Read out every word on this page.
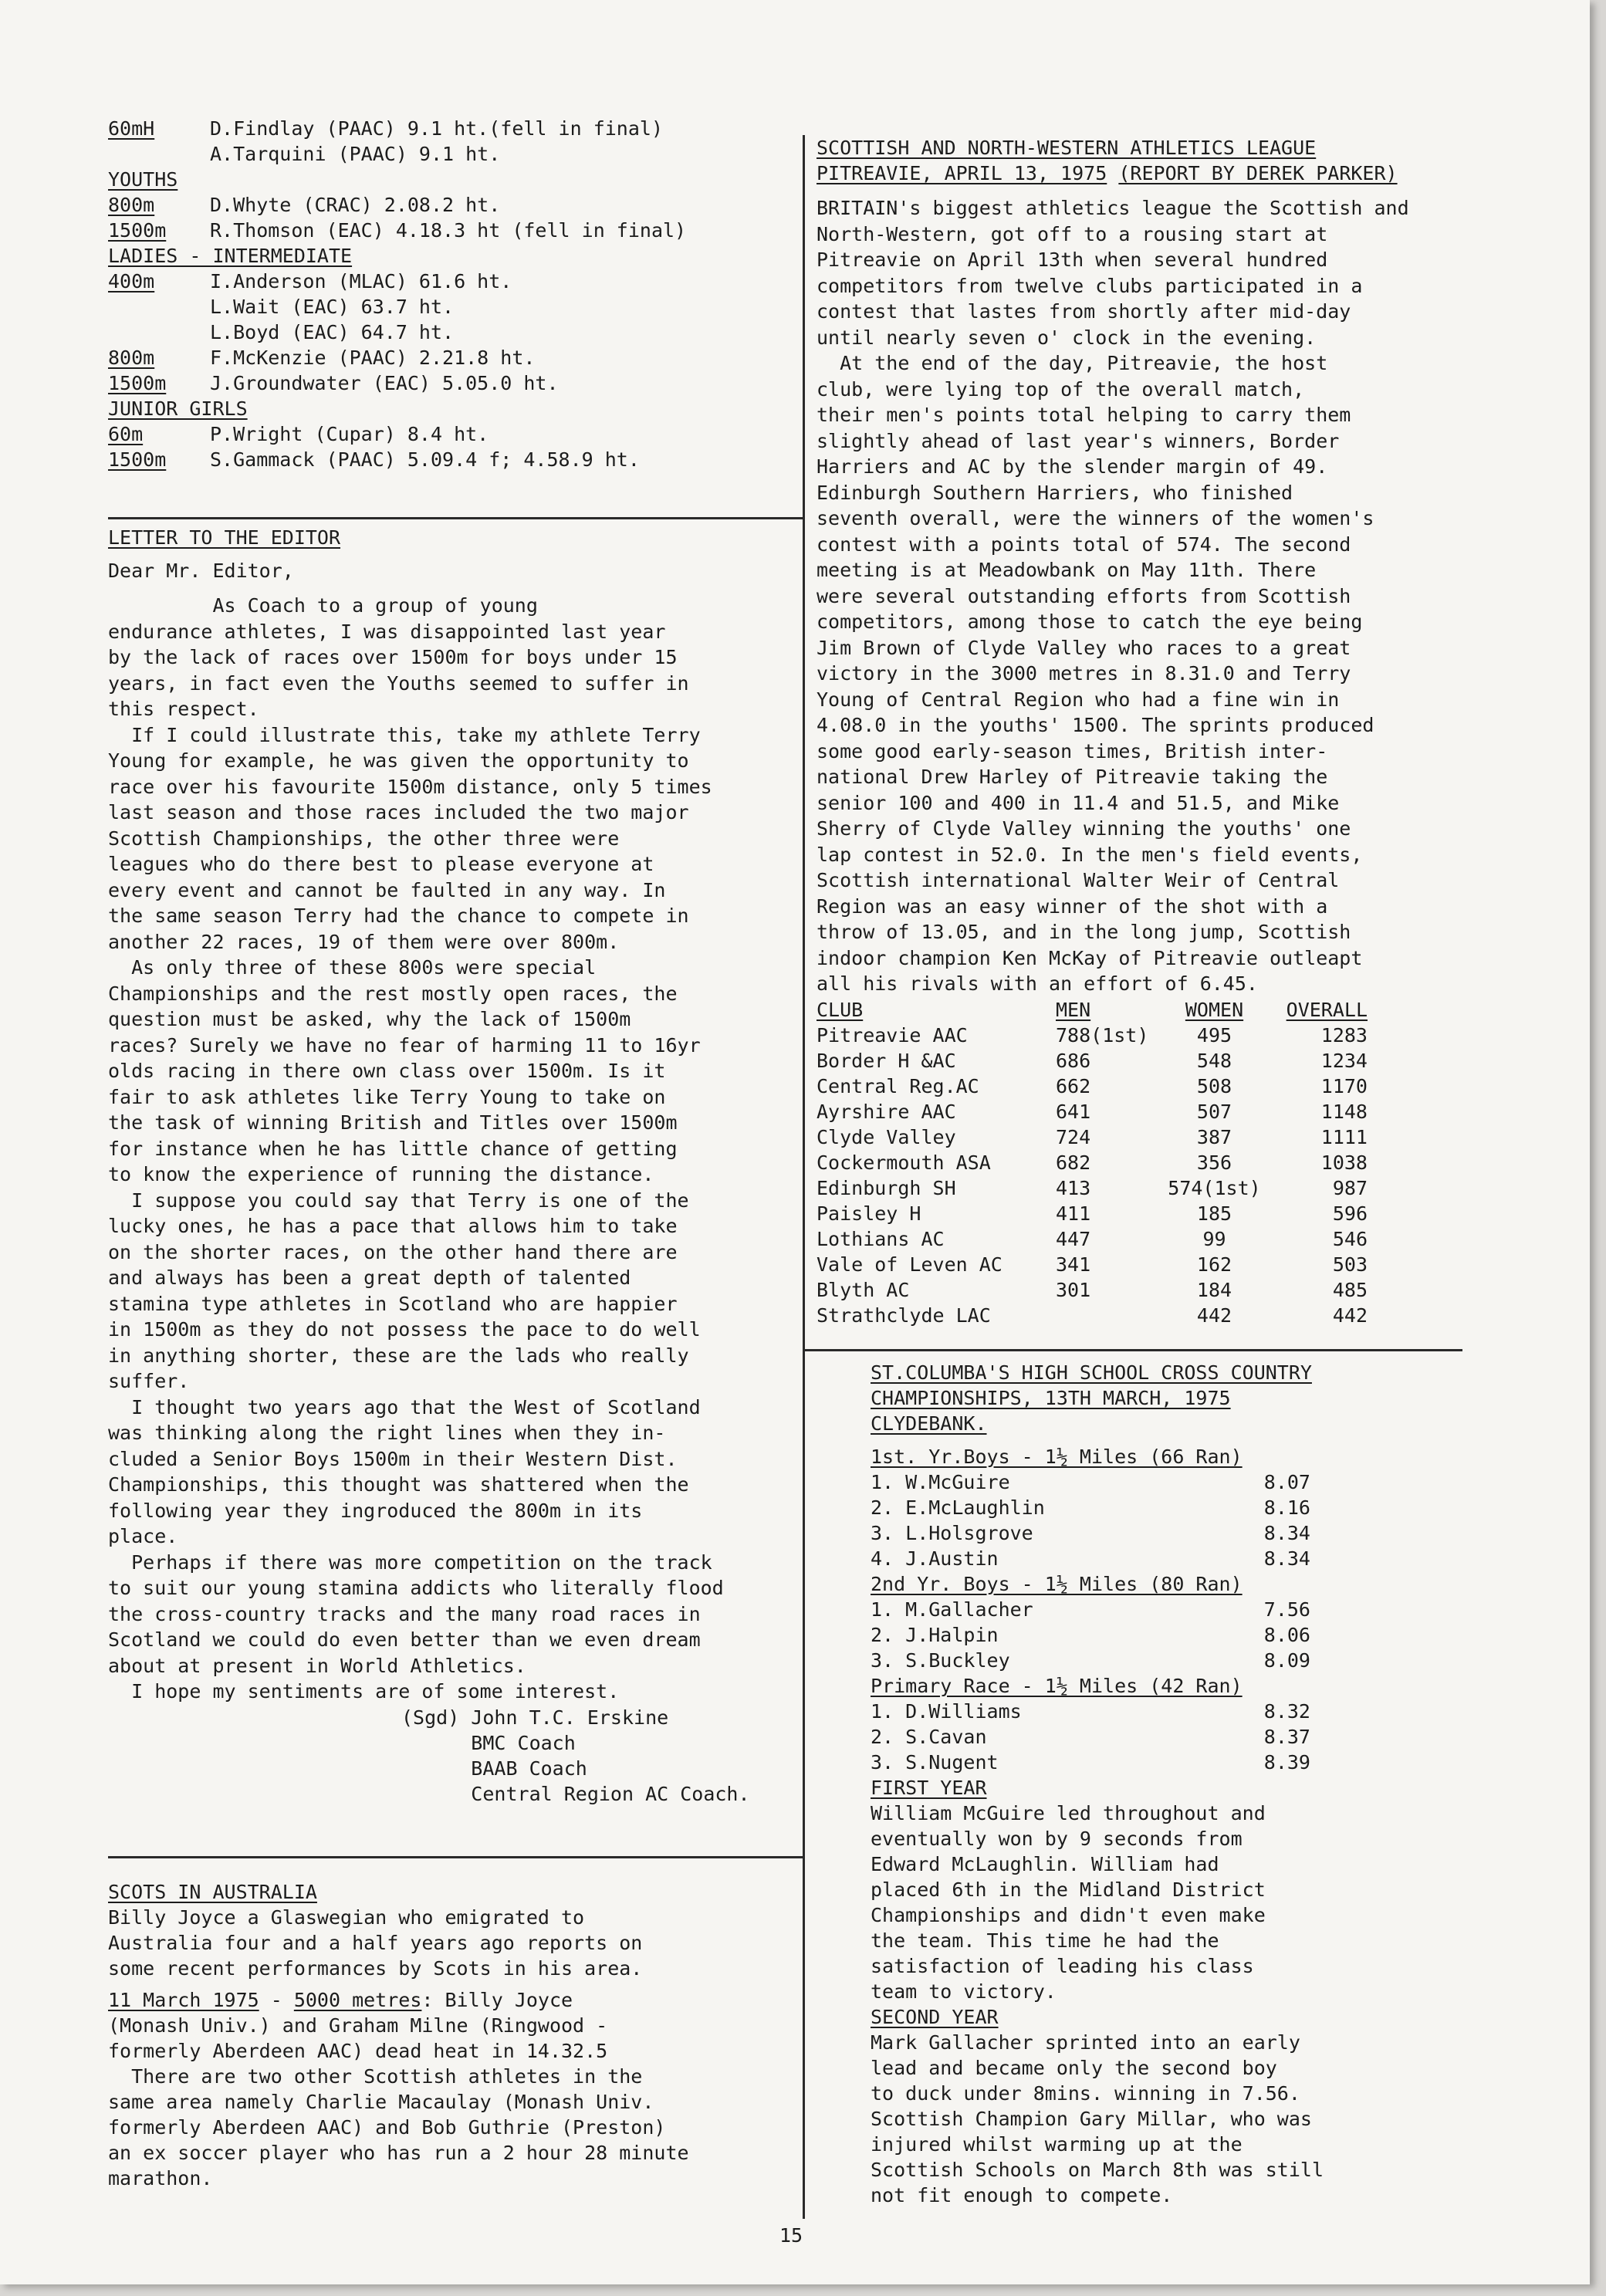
60mH	D.Findlay (PAAC) 9.1 ht.(fell in final)
A.Tarquini (PAAC) 9.1 ht.
YOUTHS
800m	D.Whyte (CRAC) 2.08.2 ht.
1500m	R.Thomson (EAC) 4.18.3 ht (fell in final)
LADIES - INTERMEDIATE
400m	I.Anderson (MLAC) 61.6 ht.
L.Wait (EAC) 63.7 ht.
L.Boyd (EAC) 64.7 ht.
800m	F.McKenzie (PAAC) 2.21.8 ht.
1500m	J.Groundwater (EAC) 5.05.0 ht.
JUNIOR GIRLS
60m	P.Wright (Cupar) 8.4 ht.
1500m	S.Gammack (PAAC) 5.09.4 f; 4.58.9 ht.
LETTER TO THE EDITOR
Dear Mr. Editor,

As Coach to a group of young

endurance athletes, I was disappointed last year

by the lack of races over 1500m for boys under 15

years, in fact even the Youths seemed to suffer in

this respect.

If I could illustrate this, take my athlete Terry

Young for example, he was given the opportunity to

race over his favourite 1500m distance, only 5 times

last season and those races included the two major

Scottish Championships, the other three were

leagues who do there best to please everyone at

every event and cannot be faulted in any way. In

the same season Terry had the chance to compete in

another 22 races, 19 of them were over 800m.

As only three of these 800s were special

Championships and the rest mostly open races, the

question must be asked, why the lack of 1500m

races? Surely we have no fear of harming 11 to 16yr

olds racing in there own class over 1500m. Is it

fair to ask athletes like Terry Young to take on

the task of winning British and Titles over 1500m

for instance when he has little chance of getting

to know the experience of running the distance.

I suppose you could say that Terry is one of the

lucky ones, he has a pace that allows him to take

on the shorter races, on the other hand there are

and always has been a great depth of talented

stamina type athletes in Scotland who are happier

in 1500m as they do not possess the pace to do well

in anything shorter, these are the lads who really

suffer.

I thought two years ago that the West of Scotland

was thinking along the right lines when they in-

cluded a Senior Boys 1500m in their Western Dist.

Championships, this thought was shattered when the

following year they ingroduced the 800m in its

place.

Perhaps if there was more competition on the track

to suit our young stamina addicts who literally flood

the cross-country tracks and the many road races in

Scotland we could do even better than we even dream

about at present in World Athletics.

I hope my sentiments are of some interest.

(Sgd) John T.C. Erskine
BMC Coach
BAAB Coach
Central Region AC Coach.
SCOTS IN AUSTRALIA
Billy Joyce a Glaswegian who emigrated to
Australia four and a half years ago reports on
some recent performances by Scots in his area.
11 March 1975 - 5000 metres: Billy Joyce
(Monash Univ.) and Graham Milne (Ringwood -
formerly Aberdeen AAC) dead heat in 14.32.5
There are two other Scottish athletes in the
same area namely Charlie Macaulay (Monash Univ.
formerly Aberdeen AAC) and Bob Guthrie (Preston)
an ex soccer player who has run a 2 hour 28 minute
marathon.
SCOTTISH AND NORTH-WESTERN ATHLETICS LEAGUE
PITREAVIE, APRIL 13, 1975 (REPORT BY DEREK PARKER)

BRITAIN's biggest athletics league the Scottish and

North-Western, got off to a rousing start at

Pitreavie on April 13th when several hundred

competitors from twelve clubs participated in a

contest that lastes from shortly after mid-day

until nearly seven o' clock in the evening.

At the end of the day, Pitreavie, the host

club, were lying top of the overall match,

their men's points total helping to carry them

slightly ahead of last year's winners, Border

Harriers and AC by the slender margin of 49.

Edinburgh Southern Harriers, who finished

seventh overall, were the winners of the women's

contest with a points total of 574. The second

meeting is at Meadowbank on May 11th. There

were several outstanding efforts from Scottish

competitors, among those to catch the eye being

Jim Brown of Clyde Valley who races to a great

victory in the 3000 metres in 8.31.0 and Terry

Young of Central Region who had a fine win in

4.08.0 in the youths' 1500. The sprints produced

some good early-season times, British inter-

national Drew Harley of Pitreavie taking the

senior 100 and 400 in 11.4 and 51.5, and Mike

Sherry of Clyde Valley winning the youths' one

lap contest in 52.0. In the men's field events,

Scottish international Walter Weir of Central

Region was an easy winner of the shot with a

throw of 13.05, and in the long jump, Scottish

indoor champion Ken McKay of Pitreavie outleapt

all his rivals with an effort of 6.45.

CLUB	MEN	WOMEN	OVERALL
Pitreavie AAC	788(1st)	495	1283
Border H &AC	686	548	1234
Central Reg.AC	662	508	1170
Ayrshire AAC	641	507	1148
Clyde Valley	724	387	1111
Cockermouth ASA	682	356	1038
Edinburgh SH	413	574(1st)	987
Paisley H	411	185	596
Lothians AC	447	99	546
Vale of Leven AC	341	162	503
Blyth AC	301	184	485
Strathclyde LAC		442	442
ST.COLUMBA'S HIGH SCHOOL CROSS COUNTRY
CHAMPIONSHIPS, 13TH MARCH, 1975
CLYDEBANK.
1st. Yr.Boys - 1½ Miles (66 Ran)
1. W.McGuire	8.07
2. E.McLaughlin	8.16
3. L.Holsgrove	8.34
4. J.Austin	8.34
2nd Yr. Boys - 1½ Miles (80 Ran)
1. M.Gallacher	7.56
2. J.Halpin	8.06
3. S.Buckley	8.09
Primary Race - 1½ Miles (42 Ran)
1. D.Williams	8.32
2. S.Cavan	8.37
3. S.Nugent	8.39
FIRST YEAR
William McGuire led throughout and
eventually won by 9 seconds from
Edward McLaughlin. William had
placed 6th in the Midland District
Championships and didn't even make
the team. This time he had the
satisfaction of leading his class
team to victory.
SECOND YEAR
Mark Gallacher sprinted into an early
lead and became only the second boy
to duck under 8mins. winning in 7.56.
Scottish Champion Gary Millar, who was
injured whilst warming up at the
Scottish Schools on March 8th was still
not fit enough to compete.
15
